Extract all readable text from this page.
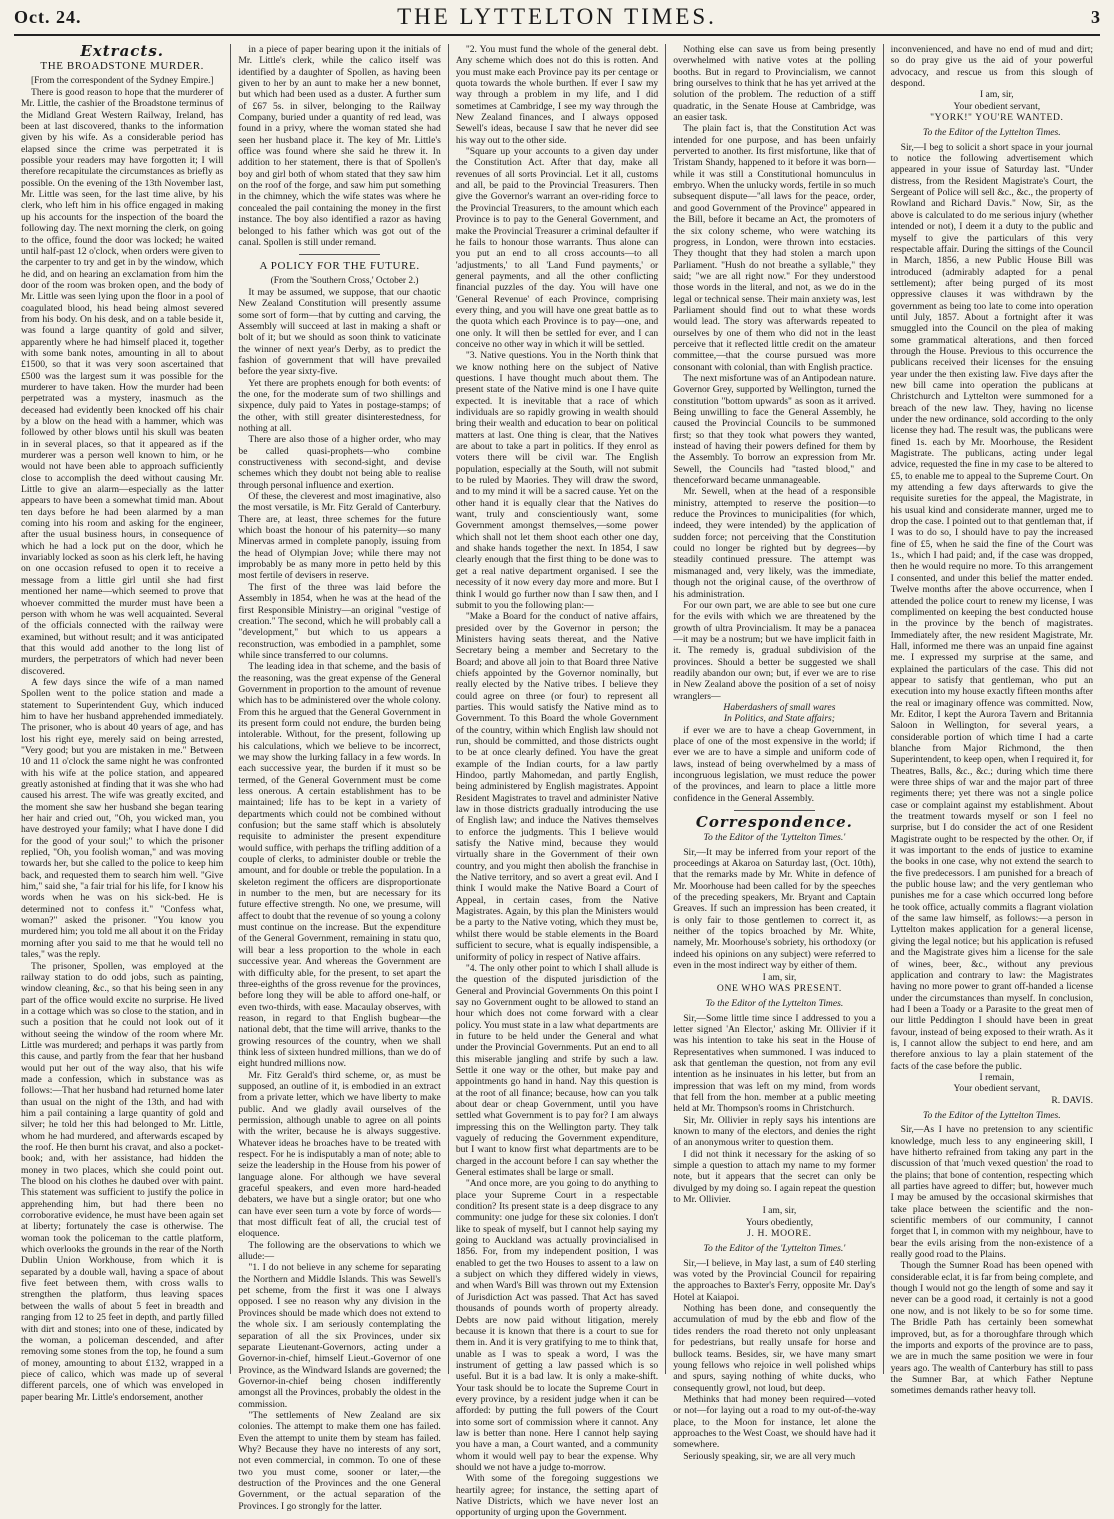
Oct. 24.	THE LYTTELTON TIMES.	3
Extracts.
THE BROADSTONE MURDER.

[From the correspondent of the Sydney Empire.]

There is good reason to hope that the murderer of Mr. Little, the cashier of the Broadstone terminus of the Midland Great Western Railway, Ireland, has been at last discovered, thanks to the information given by his wife. As a considerable period has elapsed since the crime was perpetrated it is possible your readers may have forgotten it; I will therefore recapitulate the circumstances as briefly as possible. On the evening of the 13th November last, Mr. Little was seen, for the last time alive, by his clerk, who left him in his office engaged in making up his accounts for the inspection of the board the following day. The next morning the clerk, on going to the office, found the door was locked; he waited until half-past 12 o'clock, when orders were given to the carpenter to try and get in by the window, which he did, and on hearing an exclamation from him the door of the room was broken open, and the body of Mr. Little was seen lying upon the floor in a pool of coagulated blood, his head being almost severed from his body. On his desk, and on a table beside it, was found a large quantity of gold and silver, apparently where he had himself placed it, together with some bank notes, amounting in all to about £1500, so that it was very soon ascertained that £500 was the largest sum it was possible for the murderer to have taken. How the murder had been perpetrated was a mystery, inasmuch as the deceased had evidently been knocked off his chair by a blow on the head with a hammer, which was followed by other blows until his skull was beaten in in several places, so that it appeared as if the murderer was a person well known to him, or he would not have been able to approach sufficiently close to accomplish the deed without causing Mr. Little to give an alarm—especially as the latter appears to have been a somewhat timid man. About ten days before he had been alarmed by a man coming into his room and asking for the engineer, after the usual business hours, in consequence of which he had a lock put on the door, which he invariably locked as soon as his clerk left, he having on one occasion refused to open it to receive a message from a little girl until she had first mentioned her name—which seemed to prove that whoever committed the murder must have been a person with whom he was well acquainted. Several of the officials connected with the railway were examined, but without result; and it was anticipated that this would add another to the long list of murders, the perpetrators of which had never been discovered.

A few days since the wife of a man named Spollen went to the police station and made a statement to Superintendent Guy, which induced him to have her husband apprehended immediately. The prisoner, who is about 40 years of age, and has lost his right eye, merely said on being arrested, "Very good; but you are mistaken in me." Between 10 and 11 o'clock the same night he was confronted with his wife at the police station, and appeared greatly astonished at finding that it was she who had caused his arrest. The wife was greatly excited, and the moment she saw her husband she began tearing her hair and cried out, "Oh, you wicked man, you have destroyed your family; what I have done I did for the good of your soul;" to which the prisoner replied, "Oh, you foolish woman," and was moving towards her, but she called to the police to keep him back, and requested them to search him well. "Give him," said she, "a fair trial for his life, for I know his words when he was on his sick-bed. He is determined not to confess it." "Confess what, woman?" asked the prisoner. "You know you murdered him; you told me all about it on the Friday morning after you said to me that he would tell no tales," was the reply.

The prisoner, Spollen, was employed at the railway station to do odd jobs, such as painting, window cleaning, &c., so that his being seen in any part of the office would excite no surprise. He lived in a cottage which was so close to the station, and in such a position that he could not look out of it without seeing the window of the room where Mr. Little was murdered; and perhaps it was partly from this cause, and partly from the fear that her husband would put her out of the way also, that his wife made a confession, which in substance was as follows:—That her husband had returned home later than usual on the night of the 13th, and had with him a pail containing a large quantity of gold and silver; he told her this had belonged to Mr. Little, whom he had murdered, and afterwards escaped by the roof. He then burnt his cravat, and also a pocket-book; and, with her assistance, had hidden the money in two places, which she could point out. The blood on his clothes he daubed over with paint. This statement was sufficient to justify the police in apprehending him, but had there been no corroborative evidence, he must have been again set at liberty; fortunately the case is otherwise. The woman took the policeman to the cattle platform, which overlooks the grounds in the rear of the North Dublin Union Workhouse, from which it is separated by a double wall, having a space of about five feet between them, with cross walls to strengthen the platform, thus leaving spaces between the walls of about 5 feet in breadth and ranging from 12 to 25 feet in depth, and partly filled with dirt and stones; into one of these, indicated by the woman, a policeman descended, and after removing some stones from the top, he found a sum of money, amounting to about £132, wrapped in a piece of calico, which was made up of several different parcels, one of which was enveloped in paper bearing Mr. Little's endorsement, another

in a piece of paper bearing upon it the initials of Mr. Little's clerk, while the calico itself was identified by a daughter of Spollen, as having been given to her by an aunt to make her a new bonnet, but which had been used as a duster. A further sum of £67 5s. in silver, belonging to the Railway Company, buried under a quantity of red lead, was found in a privy, where the woman stated she had seen her husband place it. The key of Mr. Little's office was found where she said he threw it. In addition to her statement, there is that of Spollen's boy and girl both of whom stated that they saw him on the roof of the forge, and saw him put something in the chimney, which the wife states was where he concealed the pail containing the money in the first instance. The boy also identified a razor as having belonged to his father which was got out of the canal. Spollen is still under remand.

A POLICY FOR THE FUTURE.

(From the 'Southern Cross,' October 2.)

It may be assumed, we suppose, that our chaotic New Zealand Constitution will presently assume some sort of form—that by cutting and carving, the Assembly will succeed at last in making a shaft or bolt of it; but we should as soon think to vaticinate the winner of next year's Derby, as to predict the fashion of government that will have prevailed before the year sixty-five.

Yet there are prophets enough for both events: of the one, for the moderate sum of two shillings and sixpence, duly paid to Yates in postage-stamps; of the other, with still greater disinterestedness, for nothing at all.

There are also those of a higher order, who may be called quasi-prophets—who combine constructiveness with second-sight, and devise schemes which they doubt not being able to realise through personal influence and exertion.

Of these, the cleverest and most imaginative, also the most versatile, is Mr. Fitz Gerald of Canterbury. There are, at least, three schemes for the future which boast the honour of his paternity—so many Minervas armed in complete panoply, issuing from the head of Olympian Jove; while there may not improbably be as many more in petto held by this most fertile of devisers in reserve.

The first of the three was laid before the Assembly in 1854, when he was at the head of the first Responsible Ministry—an original "vestige of creation." The second, which he will probably call a "development," but which to us appears a reconstruction, was embodied in a pamphlet, some while since transferred to our columns.

The leading idea in that scheme, and the basis of the reasoning, was the great expense of the General Government in proportion to the amount of revenue which has to be administered over the whole colony. From this he argued that the General Government in its present form could not endure, the burden being intolerable. Without, for the present, following up his calculations, which we believe to be incorrect, we may show the lurking fallacy in a few words. In each successive year, the burden if it must so be termed, of the General Government must be come less onerous. A certain establishment has to be maintained; life has to be kept in a variety of departments which could not be combined without confusion; but the same staff which is absolutely requisite to administer the present expenditure would suffice, with perhaps the trifling addition of a couple of clerks, to administer double or treble the amount, and for double or treble the population. In a skeleton regiment the officers are disproportionate in number to the men, but are necessary for its future effective strength. No one, we presume, will affect to doubt that the revenue of so young a colony must continue on the increase. But the expenditure of the General Government, remaining in statu quo, will bear a less proportion to the whole in each successive year. And whereas the Government are with difficulty able, for the present, to set apart the three-eighths of the gross revenue for the provinces, before long they will be able to afford one-half, or even two-thirds, with ease. Macaulay observes, with reason, in regard to that English bugbear—the national debt, that the time will arrive, thanks to the growing resources of the country, when we shall think less of sixteen hundred millions, than we do of eight hundred millions now.

Mr. Fitz Gerald's third scheme, or, as must be supposed, an outline of it, is embodied in an extract from a private letter, which we have liberty to make public. And we gladly avail ourselves of the permission, although unable to agree on all points with the writer, because he is always suggestive. Whatever ideas he broaches have to be treated with respect. For he is indisputably a man of note; able to seize the leadership in the House from his power of language alone. For although we have several graceful speakers, and even more hard-headed debaters, we have but a single orator; but one who can have ever seen turn a vote by force of words—that most difficult feat of all, the crucial test of eloquence.

The following are the observations to which we allude:—

"1. I do not believe in any scheme for separating the Northern and Middle Islands. This was Sewell's pet scheme, from the first it was one I always opposed. I see no reason why any division in the Provinces should be made which does not extend to the whole six. I am seriously contemplating the separation of all the six Provinces, under six separate Lieutenant-Governors, acting under a Governor-in-chief, himself Lieut.-Governor of one Province, as the Windward Islands are governed; the Governor-in-chief being chosen indifferently amongst all the Provinces, probably the oldest in the commission.

"The settlements of New Zealand are six colonies. The attempt to make them one has failed. Even the attempt to unite them by steam has failed. Why? Because they have no interests of any sort, not even commercial, in common. To one of these two you must come, sooner or later,—the destruction of the Provinces and the one General Government, or the actual separation of the Provinces. I go strongly for the latter.

"2. You must fund the whole of the general debt. Any scheme which does not do this is rotten. And you must make each Province pay its per centage or quota towards the whole burthen. If ever I saw my way through a problem in my life, and I did sometimes at Cambridge, I see my way through the New Zealand finances, and I always opposed Sewell's ideas, because I saw that he never did see his way out to the other side.

"Square up your accounts to a given day under the Constitution Act. After that day, make all revenues of all sorts Provincial. Let it all, customs and all, be paid to the Provincial Treasurers. Then give the Governor's warrant an over-riding force to the Provincial Treasurers, to the amount which each Province is to pay to the General Government, and make the Provincial Treasurer a criminal defaulter if he fails to honour those warrants. Thus alone can you put an end to all cross accounts—to all 'adjustments,' to all 'Land Fund payments,' or general payments, and all the other conflicting financial puzzles of the day. You will have one 'General Revenue' of each Province, comprising every thing, and you will have one great battle as to the quota which each Province is to pay—one, and one only. It will then be settled for ever, and I can conceive no other way in which it will be settled.

"3. Native questions. You in the North think that we know nothing here on the subject of Native questions. I have thought much about them. The present state of the Native mind is one I have quite expected. It is inevitable that a race of which individuals are so rapidly growing in wealth should bring their wealth and education to bear on political matters at last. One thing is clear, that the Natives are about to take a part in politics. If they enrol as voters there will be civil war. The English population, especially at the South, will not submit to be ruled by Maories. They will draw the sword, and to my mind it will be a sacred cause. Yet on the other hand it is equally clear that the Natives do want, truly and conscientiously want, some Government amongst themselves,—some power which shall not let them shoot each other one day, and shake hands together the next. In 1854, I saw clearly enough that the first thing to be done was to get a real native department organised. I see the necessity of it now every day more and more. But I think I would go further now than I saw then, and I submit to you the following plan:—

"Make a Board for the conduct of native affairs, presided over by the Governor in person; the Ministers having seats thereat, and the Native Secretary being a member and Secretary to the Board; and above all join to that Board three Native chiefs appointed by the Governor nominally, but really elected by the Native tribes. I believe they could agree on three (or four) to represent all parties. This would satisfy the Native mind as to Government. To this Board the whole Government of the country, within which English law should not run, should be committed, and those districts ought to be at once clearly defined. You have the great example of the Indian courts, for a law partly Hindoo, partly Mahomedan, and partly English, being administered by English magistrates. Appoint Resident Magistrates to travel and administer Native law in those districts gradually introducing the use of English law; and induce the Natives themselves to enforce the judgments. This I believe would satisfy the Native mind, because they would virtually share in the Government of their own country, and you might then abolish the franchise in the Native territory, and so avert a great evil. And I think I would make the Native Board a Court of Appeal, in certain cases, from the Native Magistrates. Again, by this plan the Ministers would be a party to the Native voting, which they must be, whilst there would be stable elements in the Board sufficient to secure, what is equally indispensible, a uniformity of policy in respect of Native affairs.

"4. The only other point to which I shall allude is the question of the disputed jurisdiction of the General and Provincial Governments On this point I say no Government ought to be allowed to stand an hour which does not come forward with a clear policy. You must state in a law what departments are in future to be held under the General and what under the Provincial Governments. Put an end to all this miserable jangling and strife by such a law. Settle it one way or the other, but make pay and appointments go hand in hand. Nay this question is at the root of all finance; because, how can you talk about dear or cheap Government, until you have settled what Government is to pay for? I am always impressing this on the Wellington party. They talk vaguely of reducing the Government expenditure, but I want to know first what departments are to be charged in the account before I can say whether the General estimates shall be large or small.

"And once more, are you going to do anything to place your Supreme Court in a respectable condition? Its present state is a deep disgrace to any community: one judge for these six colonies. I don't like to speak of myself, but I cannot help saying my going to Auckland was actually provincialised in 1856. For, from my independent position, I was enabled to get the two Houses to assent to a law on a subject on which they differed widely in views, and when Ward's Bill was thrown out my Extension of Jurisdiction Act was passed. That Act has saved thousands of pounds worth of property already. Debts are now paid without litigation, merely because it is known that there is a court to sue for them in. And it is very gratifying to me to think that, unable as I was to speak a word, I was the instrument of getting a law passed which is so useful. But it is a bad law. It is only a make-shift. Your task should be to locate the Supreme Court in every province, by a resident judge when it can be afforded: by putting the full powers of the Court into some sort of commission where it cannot. Any law is better than none. Here I cannot help saying you have a man, a Court wanted, and a community whom it would well pay to bear the expense. Why should we not have a judge to-morrow.

With some of the foregoing suggestions we heartily agree; for instance, the setting apart of Native Districts, which we have never lost an opportunity of urging upon the Government.

Nothing else can save us from being presently overwhelmed with native votes at the polling booths. But in regard to Provincialism, we cannot bring ourselves to think that he has yet arrived at the solution of the problem. The reduction of a stiff quadratic, in the Senate House at Cambridge, was an easier task.

The plain fact is, that the Constitution Act was intended for one purpose, and has been unfairly perverted to another. Its first misfortune, like that of Tristam Shandy, happened to it before it was born—while it was still a Constitutional homunculus in embryo. When the unlucky words, fertile in so much subsequent dispute—"all laws for the peace, order, and good Government of the Province" appeared in the Bill, before it became an Act, the promoters of the six colony scheme, who were watching its progress, in London, were thrown into ecstacies. They thought that they had stolen a march upon Parliament. "Hush do not breathe a syllable," they said; "we are all right now." For they understood those words in the literal, and not, as we do in the legal or technical sense. Their main anxiety was, lest Parliament should find out to what these words would lead. The story was afterwards repeated to ourselves by one of them who did not in the least perceive that it reflected little credit on the amateur committee,—that the course pursued was more consonant with colonial, than with English practice.

The next misfortune was of an Antipodean nature. Governor Grey, supported by Wellington, turned the constitution "bottom upwards" as soon as it arrived. Being unwilling to face the General Assembly, he caused the Provincial Councils to be summoned first; so that they took what powers they wanted, instead of having their powers defined for them by the Assembly. To borrow an expression from Mr. Sewell, the Councils had "tasted blood," and thenceforward became unmanageable.

Mr. Sewell, when at the head of a responsible ministry, attempted to reserve the position—to reduce the Provinces to municipalities (for which, indeed, they were intended) by the application of sudden force; not perceiving that the Constitution could no longer be righted but by degrees—by steadily continued pressure. The attempt was mismanaged and, very likely, was the immediate, though not the original cause, of the overthrow of his administration.

For our own part, we are able to see but one cure for the evils with which we are threatened by the growth of ultra Provincialism. It may be a panacea—it may be a nostrum; but we have implicit faith in it. The remedy is, gradual subdivision of the provinces. Should a better be suggested we shall readily abandon our own; but, if ever we are to rise in New Zealand above the position of a set of noisy wranglers—

Haberdashers of small wares

In Politics, and State affairs;

if ever we are to have a cheap Government, in place of one of the most expensive in the world; if ever we are to have a simple and uniform code of laws, instead of being overwhelmed by a mass of incongruous legislation, we must reduce the power of the provinces, and learn to place a little more confidence in the General Assembly.

Correspondence.
To the Editor of the 'Lyttelton Times.'

Sir,—It may be inferred from your report of the proceedings at Akaroa on Saturday last, (Oct. 10th), that the remarks made by Mr. White in defence of Mr. Moorhouse had been called for by the speeches of the preceding speakers, Mr. Bryant and Captain Greaves. If such an impression has been created, it is only fair to those gentlemen to correct it, as neither of the topics broached by Mr. White, namely, Mr. Moorhouse's sobriety, his orthodoxy (or indeed his opinions on any subject) were referred to even in the most indirect way by either of them.

I am, sir,

ONE WHO WAS PRESENT.

To the Editor of the Lyttelton Times.

Sir,—Some little time since I addressed to you a letter signed 'An Elector,' asking Mr. Ollivier if it was his intention to take his seat in the House of Representatives when summoned. I was induced to ask that gentleman the question, not from any evil intention as he insinuates in his letter, but from an impression that was left on my mind, from words that fell from the hon. member at a public meeting held at Mr. Thompson's rooms in Christchurch.

Sir, Mr. Ollivier in reply says his intentions are known to many of the electors, and denies the right of an anonymous writer to question them.

I did not think it necessary for the asking of so simple a question to attach my name to my former note, but it appears that the secret can only be divulged by my doing so. I again repeat the question to Mr. Ollivier.

I am, sir,

Yours obediently,

J. H. MOORE.

To the Editor of the 'Lyttelton Times.'

Sir,—I believe, in May last, a sum of £40 sterling was voted by the Provincial Council for repairing the approaches to Baxter's Ferry, opposite Mr. Day's Hotel at Kaiapoi.

Nothing has been done, and consequently the accumulation of mud by the ebb and flow of the tides renders the road thereto not only unpleasant for pedestrians, but really unsafe for horse and bullock teams. Besides, sir, we have many smart young fellows who rejoice in well polished whips and spurs, saying nothing of white ducks, who consequently growl, not loud, but deep.

Methinks that had money been required—voted or not—for laying out a road to my out-of-the-way place, to the Moon for instance, let alone the approaches to the West Coast, we should have had it somewhere.

Seriously speaking, sir, we are all very much

inconvenienced, and have no end of mud and dirt; so do pray give us the aid of your powerful advocacy, and rescue us from this slough of despond.

I am, sir,

Your obedient servant,

"YORK!" YOU'RE WANTED.

To the Editor of the Lyttelton Times.

Sir,—I beg to solicit a short space in your journal to notice the following advertisement which appeared in your issue of Saturday last. "Under distress, from the Resident Magistrate's Court, the Sergeant of Police will sell &c., &c., the property of Rowland and Richard Davis." Now, Sir, as the above is calculated to do me serious injury (whether intended or not), I deem it a duty to the public and myself to give the particulars of this very respectable affair. During the sittings of the Council in March, 1856, a new Public House Bill was introduced (admirably adapted for a penal settlement); after being purged of its most oppressive clauses it was withdrawn by the government as being too late to come into operation until July, 1857. About a fortnight after it was smuggled into the Council on the plea of making some grammatical alterations, and then forced through the House. Previous to this occurrence the publicans received their licenses for the ensuing year under the then existing law. Five days after the new bill came into operation the publicans at Christchurch and Lyttelton were summoned for a breach of the new law. They, having no license under the new ordinance, sold according to the only license they had. The result was, the publicans were fined 1s. each by Mr. Moorhouse, the Resident Magistrate. The publicans, acting under legal advice, requested the fine in my case to be altered to £5, to enable me to appeal to the Supreme Court. On my attending a few days afterwards to give the requisite sureties for the appeal, the Magistrate, in his usual kind and considerate manner, urged me to drop the case. I pointed out to that gentleman that, if I was to do so, I should have to pay the increased fine of £5, when he said the fine of the Court was 1s., which I had paid; and, if the case was dropped, then he would require no more. To this arrangement I consented, and under this belief the matter ended. Twelve months after the above occurrence, when I attended the police court to renew my license, I was complimented on keeping the best conducted house in the province by the bench of magistrates. Immediately after, the new resident Magistrate, Mr. Hall, informed me there was an unpaid fine against me. I expressed my surprise at the same, and explained the particulars of the case. This did not appear to satisfy that gentleman, who put an execution into my house exactly fifteen months after the real or imaginary offence was committed. Now, Mr. Editor, I kept the Aurora Tavern and Britannia Saloon in Wellington, for several years, a considerable portion of which time I had a carte blanche from Major Richmond, the then Superintendent, to keep open, when I required it, for Theatres, Balls, &c., &c.; during which time there were three ships of war and the major part of three regiments there; yet there was not a single police case or complaint against my establishment. About the treatment towards myself or son I feel no surprise, but I do consider the act of one Resident Magistrate ought to be respected by the other. Or, if it was important to the ends of justice to examine the books in one case, why not extend the search to the five predecessors. I am punished for a breach of the public house law; and the very gentleman who punishes me for a case which occurred long before he took office, actually commits a flagrant violation of the same law himself, as follows:—a person in Lyttelton makes application for a general license, giving the legal notice; but his application is refused and the Magistrate gives him a license for the sale of wines, beer, &c., without any previous application and contrary to law: the Magistrates having no more power to grant off-handed a license under the circumstances than myself. In conclusion, had I been a Toady or a Parasite to the great men of our little Peddington I should have been in great favour, instead of being exposed to their wrath. As it is, I cannot allow the subject to end here, and am therefore anxious to lay a plain statement of the facts of the case before the public.

I remain,

Your obedient servant,

R. DAVIS.

To the Editor of the Lyttelton Times.

Sir,—As I have no pretension to any scientific knowledge, much less to any engineering skill, I have hitherto refrained from taking any part in the discussion of that 'much vexed question' the road to the plains; that bone of contention, respecting which all parties have agreed to differ; but, however much I may be amused by the occasional skirmishes that take place between the scientific and the non-scientific members of our community, I cannot forget that I, in common with my neighbour, have to bear the evils arising from the non-existence of a really good road to the Plains.

Though the Sumner Road has been opened with considerable eclat, it is far from being complete, and though I would not go the length of some and say it never can be a good road, it certainly is not a good one now, and is not likely to be so for some time. The Bridle Path has certainly been somewhat improved, but, as for a thoroughfare through which the imports and exports of the province are to pass, we are in much the same position we were in four years ago. The wealth of Canterbury has still to pass the Sumner Bar, at which Father Neptune sometimes demands rather heavy toll.
